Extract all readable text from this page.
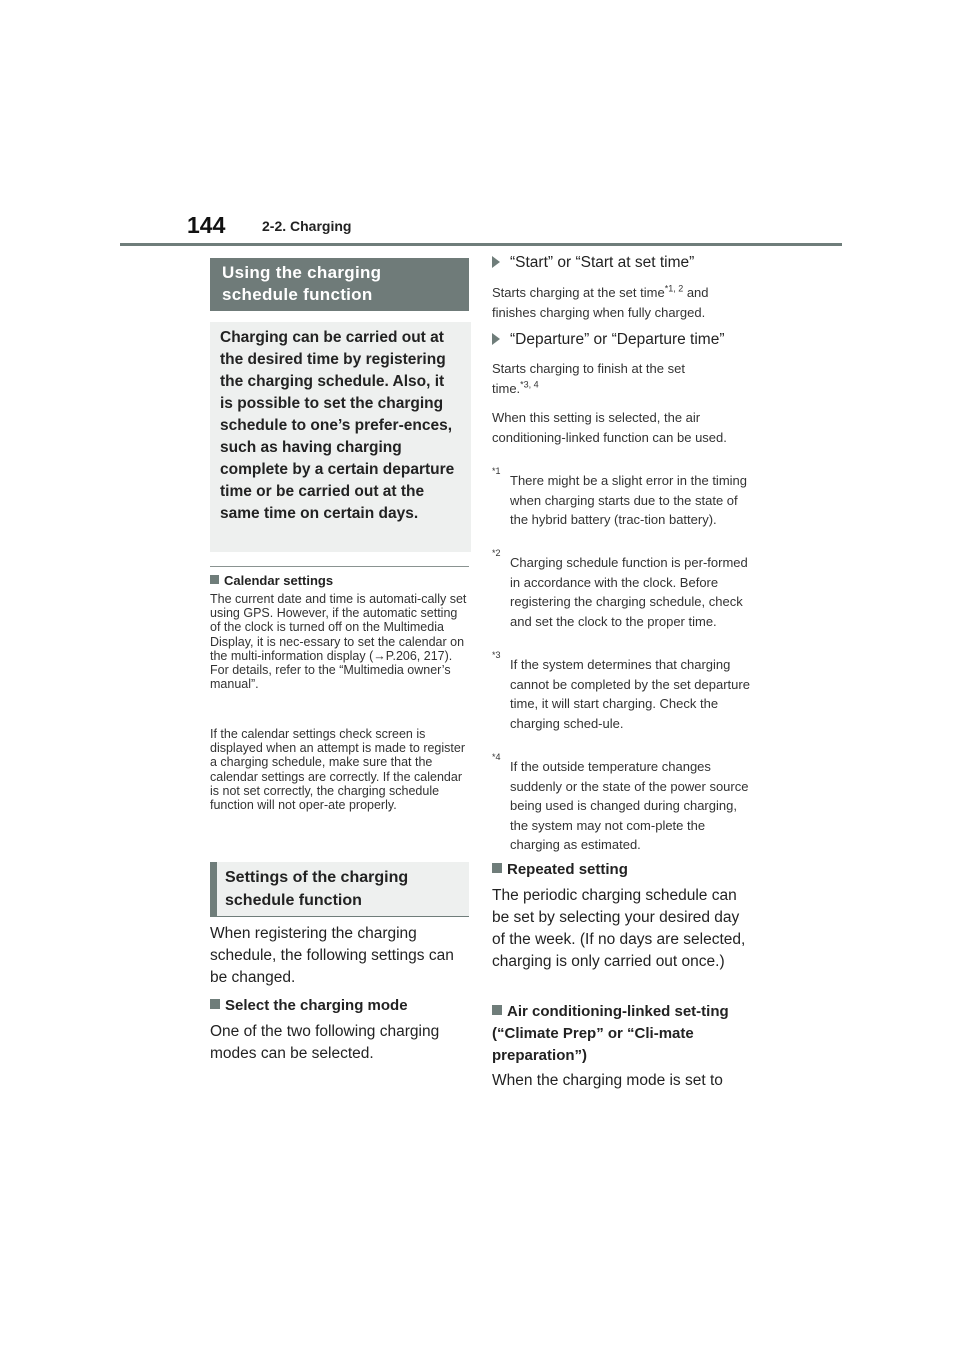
144	2-2. Charging
Using the charging schedule function
Charging can be carried out at the desired time by registering the charging schedule. Also, it is possible to set the charging schedule to one’s prefer-ences, such as having charging complete by a certain departure time or be carried out at the same time on certain days.
Calendar settings
The current date and time is automati-cally set using GPS. However, if the automatic setting of the clock is turned off on the Multimedia Display, it is nec-essary to set the calendar on the multi-information display (→P.206, 217). For details, refer to the “Multimedia owner’s manual”.
If the calendar settings check screen is displayed when an attempt is made to register a charging schedule, make sure that the calendar settings are correctly. If the calendar is not set correctly, the charging schedule function will not oper-ate properly.
Settings of the charging schedule function
When registering the charging schedule, the following settings can be changed.
Select the charging mode
One of the two following charging modes can be selected.
“Start” or “Start at set time”
Starts charging at the set time$^{*1, 2}$ and finishes charging when fully charged.
“Departure” or “Departure time”
Starts charging to finish at the set time.$^{*3, 4}$
When this setting is selected, the air conditioning-linked function can be used.
*1
There might be a slight error in the timing when charging starts due to the state of the hybrid battery (trac-tion battery).
*2
Charging schedule function is per-formed in accordance with the clock. Before registering the charging schedule, check and set the clock to the proper time.
*3
If the system determines that charging cannot be completed by the set departure time, it will start charging. Check the charging sched-ule.
*4
If the outside temperature changes suddenly or the state of the power source being used is changed during charging, the system may not com-plete the charging as estimated.
Repeated setting
The periodic charging schedule can be set by selecting your desired day of the week. (If no days are selected, charging is only carried out once.)
Air conditioning-linked set-ting (“Climate Prep” or “Cli-mate preparation”)
When the charging mode is set to
